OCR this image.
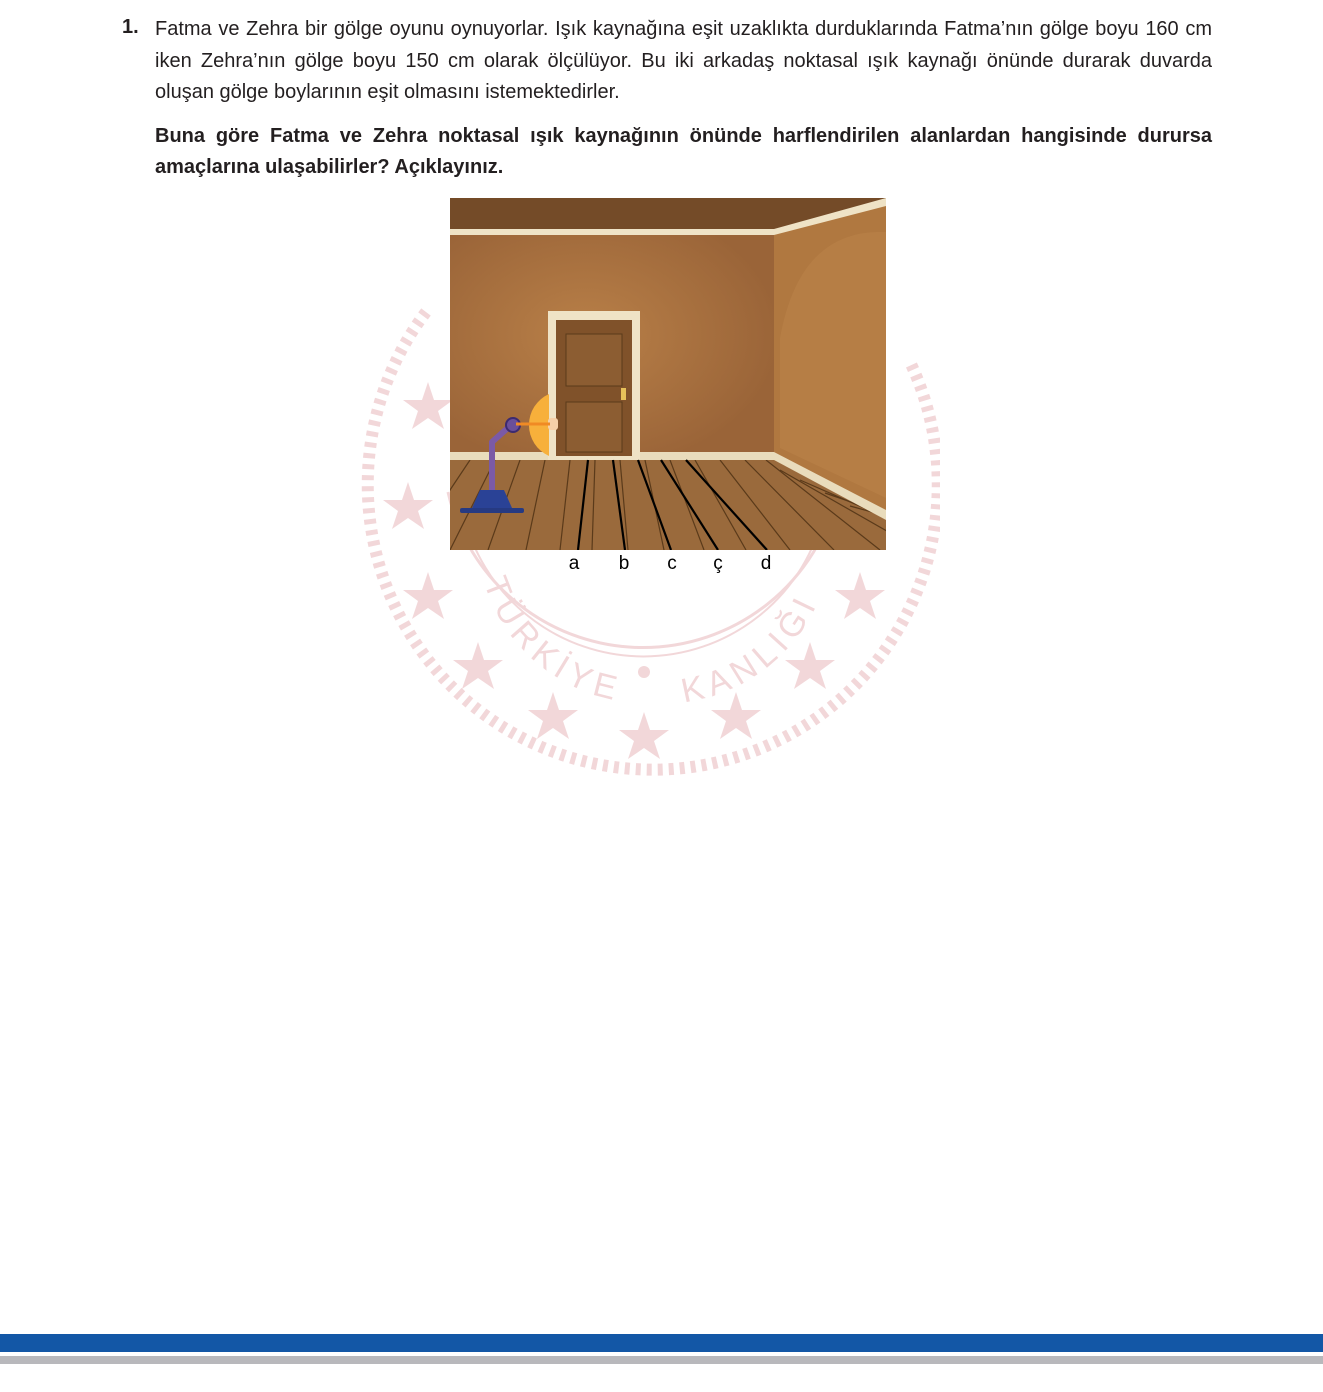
1. Fatma ve Zehra bir gölge oyunu oynuyorlar. Işık kaynağına eşit uzaklıkta durduklarında Fatma’nın gölge boyu 160 cm iken Zehra’nın gölge boyu 150 cm olarak ölçülüyor. Bu iki arkadaş noktasal ışık kaynağı önünde durarak duvarda oluşan gölge boylarının eşit olmasını istemektedirler.
Buna göre Fatma ve Zehra noktasal ışık kaynağının önünde harflendirilen alanlardan hangisinde durursa amaçlarına ulaşabilirler? Açıklayınız.
TÜRKİYE KANLIĞI
a b c ç d
